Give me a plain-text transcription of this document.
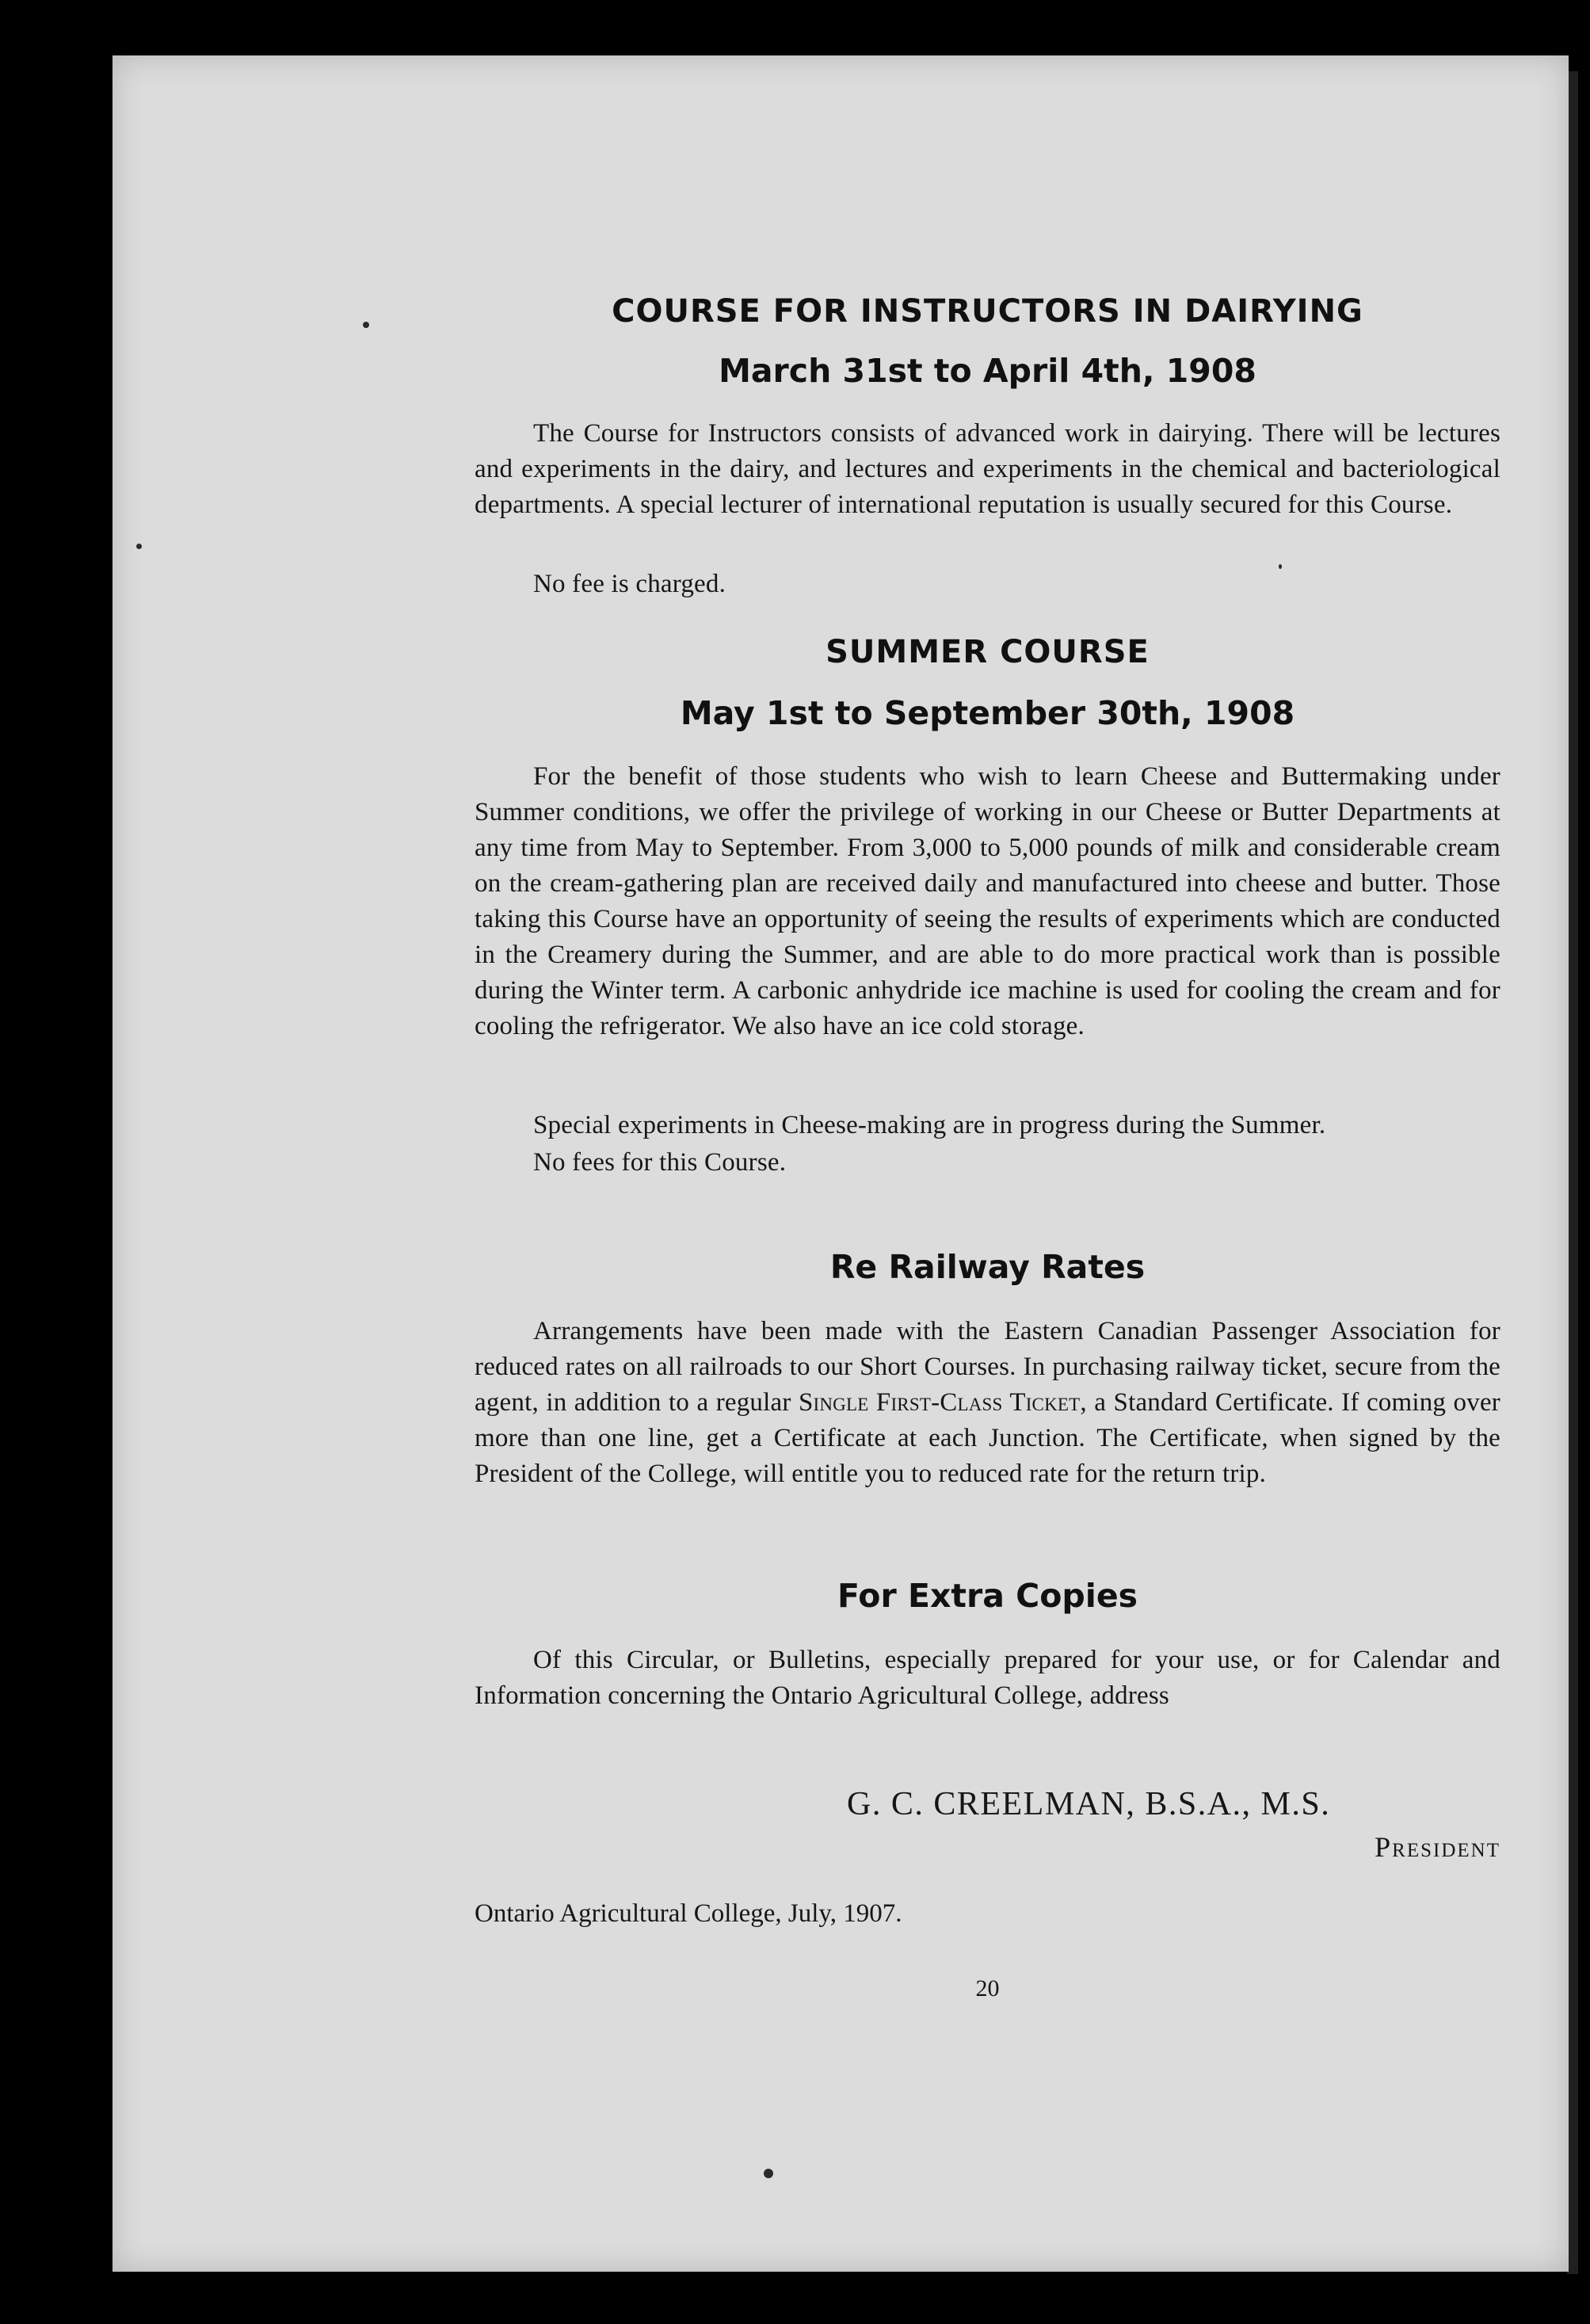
COURSE FOR INSTRUCTORS IN DAIRYING
March 31st to April 4th, 1908

The Course for Instructors consists of advanced work in dairying. There will be lectures and experiments in the dairy, and lectures and experiments in the chemical and bacteriological departments. A special lecturer of international reputation is usually secured for this Course.

No fee is charged.

SUMMER COURSE
May 1st to September 30th, 1908

For the benefit of those students who wish to learn Cheese and Buttermaking under Summer conditions, we offer the privilege of working in our Cheese or Butter Departments at any time from May to September. From 3,000 to 5,000 pounds of milk and considerable cream on the cream-gathering plan are received daily and manufactured into cheese and butter. Those taking this Course have an opportunity of seeing the results of experiments which are conducted in the Creamery during the Summer, and are able to do more practical work than is possible during the Winter term. A carbonic anhydride ice machine is used for cooling the cream and for cooling the refrigerator. We also have an ice cold storage.

Special experiments in Cheese-making are in progress during the Summer.

No fees for this Course.

Re Railway Rates

Arrangements have been made with the Eastern Canadian Passenger Association for reduced rates on all railroads to our Short Courses. In purchasing railway ticket, secure from the agent, in addition to a regular Single First-Class Ticket, a Standard Certificate. If coming over more than one line, get a Certificate at each Junction. The Certificate, when signed by the President of the College, will entitle you to reduced rate for the return trip.

For Extra Copies

Of this Circular, or Bulletins, especially prepared for your use, or for Calendar and Information concerning the Ontario Agricultural College, address

G. C. CREELMAN, B.S.A., M.S.

President

Ontario Agricultural College, July, 1907.

20
